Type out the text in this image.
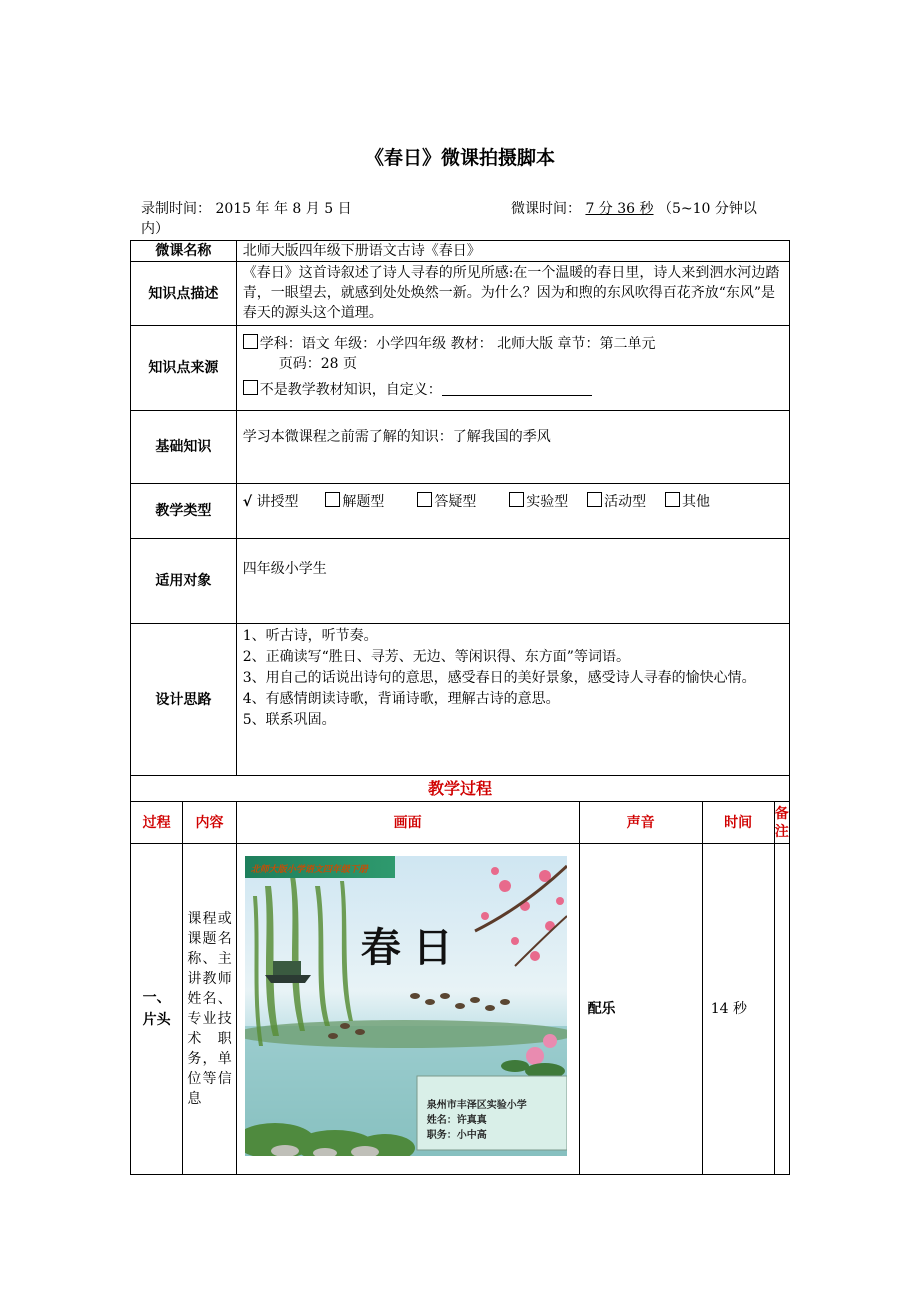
《春日》微课拍摄脚本
录制时间： 2015 年 年 8 月 5 日	微课时间： 7 分 36 秒 （5~10 分钟以
内）
微课名称		北师大版四年级下册语文古诗《春日》			
知识点描述		《春日》这首诗叙述了诗人寻春的所见所感:在一个温暖的春日里，诗人来到泗水河边踏青，一眼望去，就感到处处焕然一新。为什么？因为和煦的东风吹得百花齐放“东风”是春天的源头这个道理。			
知识点来源		学科：语文 年级：小学四年级 教材： 北师大版 章节：第二单元
页码：28 页
不是教学教材知识，自定义：			

基础知识		学习本微课程之前需了解的知识：了解我国的季风			
教学类型		√ 讲授型 解题型 答疑型 实验型 活动型 其他			
适用对象		四年级小学生			
设计思路		1、听古诗，听节奏。
2、正确读写“胜日、寻芳、无边、等闲识得、东方面”等词语。
3、用自己的话说出诗句的意思，感受春日的美好景象，感受诗人寻春的愉快心情。
4、有感情朗读诗歌，背诵诗歌，理解古诗的意思。
5、联系巩固。			

教学过程					
过程	内容	画面	声音	时间	备注
一、片头	课程或课题名称、主讲教师姓名、专业技术职务，单位等信息	北师大版小学语文四年级下册
春日
泉州市丰泽区实验小学
姓名：许真真
职务：小中高	配乐	14 秒	
